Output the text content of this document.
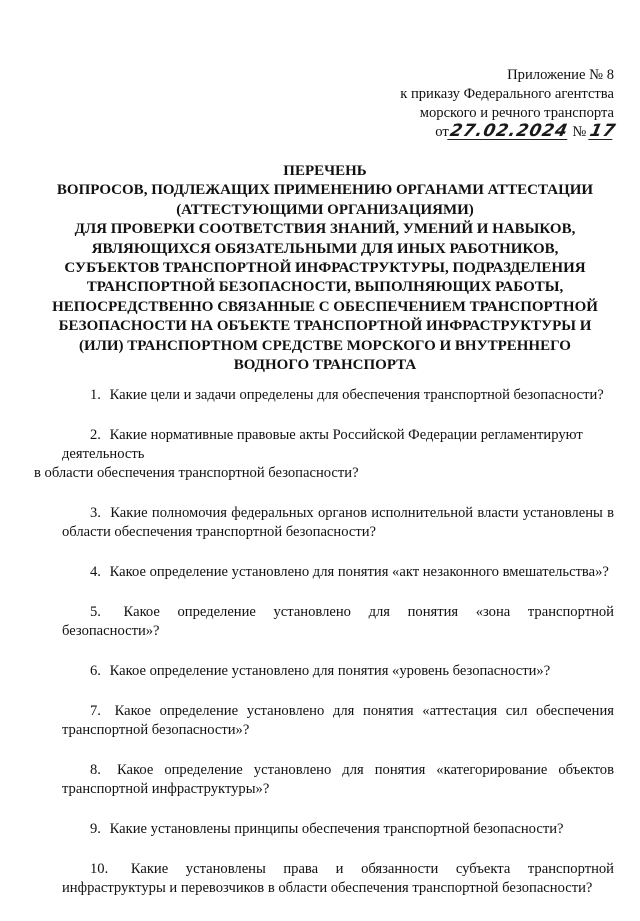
Приложение № 8
к приказу Федерального агентства
морского и речного транспорта
от27.02.2024 № 17
ПЕРЕЧЕНЬ
ВОПРОСОВ, ПОДЛЕЖАЩИХ ПРИМЕНЕНИЮ ОРГАНАМИ АТТЕСТАЦИИ
(АТТЕСТУЮЩИМИ ОРГАНИЗАЦИЯМИ)
ДЛЯ ПРОВЕРКИ СООТВЕТСТВИЯ ЗНАНИЙ, УМЕНИЙ И НАВЫКОВ,
ЯВЛЯЮЩИХСЯ ОБЯЗАТЕЛЬНЫМИ ДЛЯ ИНЫХ РАБОТНИКОВ,
СУБЪЕКТОВ ТРАНСПОРТНОЙ ИНФРАСТРУКТУРЫ, ПОДРАЗДЕЛЕНИЯ
ТРАНСПОРТНОЙ БЕЗОПАСНОСТИ, ВЫПОЛНЯЮЩИХ РАБОТЫ,
НЕПОСРЕДСТВЕННО СВЯЗАННЫЕ С ОБЕСПЕЧЕНИЕМ ТРАНСПОРТНОЙ
БЕЗОПАСНОСТИ НА ОБЪЕКТЕ ТРАНСПОРТНОЙ ИНФРАСТРУКТУРЫ И
(ИЛИ) ТРАНСПОРТНОМ СРЕДСТВЕ МОРСКОГО И ВНУТРЕННЕГО
ВОДНОГО ТРАНСПОРТА

1. Какие цели и задачи определены для обеспечения транспортной безопасности?

2. Какие нормативные правовые акты Российской Федерации регламентируют деятельность
в области обеспечения транспортной безопасности?

3. Какие полномочия федеральных органов исполнительной власти установлены в области обеспечения транспортной безопасности?

4. Какое определение установлено для понятия «акт незаконного вмешательства»?

5. Какое определение установлено для понятия «зона транспортной безопасности»?

6. Какое определение установлено для понятия «уровень безопасности»?

7. Какое определение установлено для понятия «аттестация сил обеспечения транспортной безопасности»?

8. Какое определение установлено для понятия «категорирование объектов транспортной инфраструктуры»?

9. Какие установлены принципы обеспечения транспортной безопасности?

10. Какие установлены права и обязанности субъекта транспортной инфраструктуры и перевозчиков в области обеспечения транспортной безопасности?
